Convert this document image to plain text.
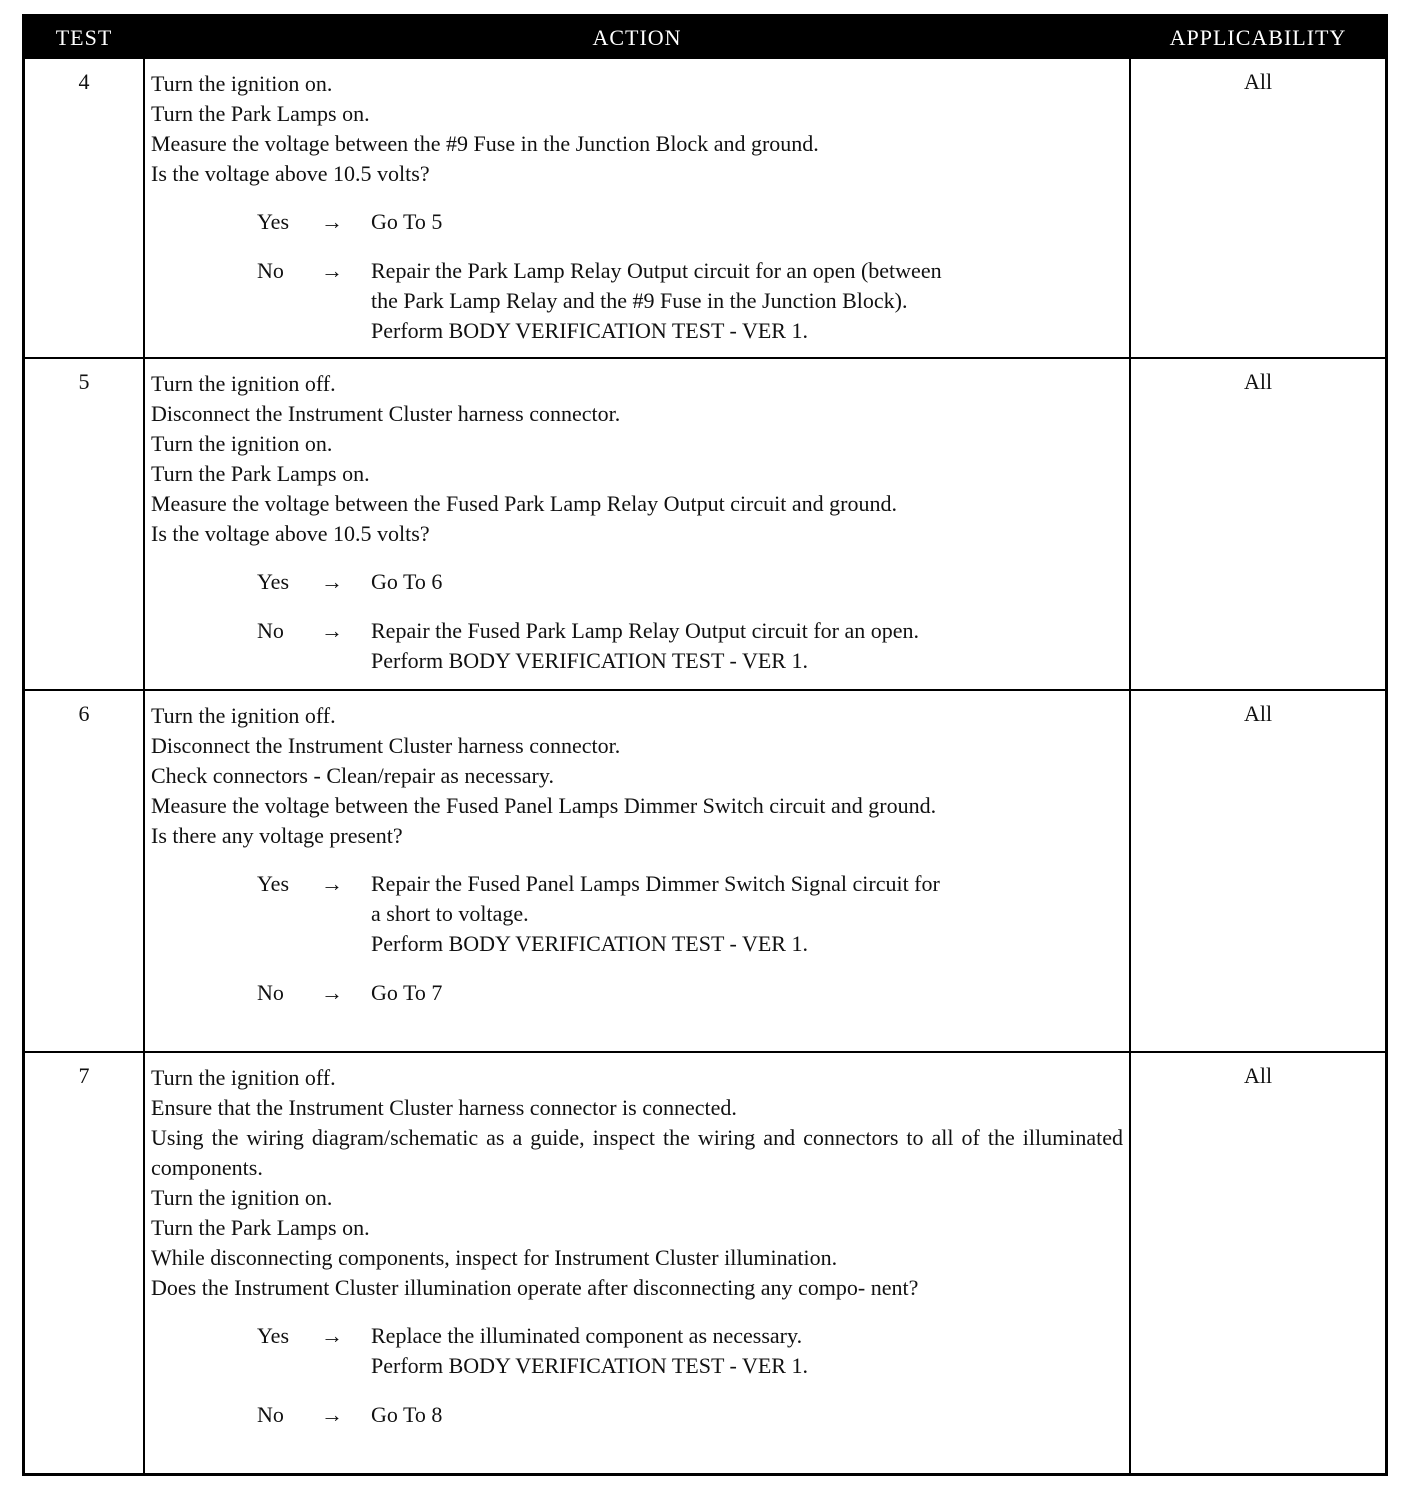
TEST	ACTION	APPLICABILITY
4	Turn the ignition on.
Turn the Park Lamps on.
Measure the voltage between the #9 Fuse in the Junction Block and ground.
Is the voltage above 10.5 volts?
Yes → Go To 5
No → Repair the Park Lamp Relay Output circuit for an open (between
the Park Lamp Relay and the #9 Fuse in the Junction Block).
Perform BODY VERIFICATION TEST - VER 1.
All
5	Turn the ignition off.
Disconnect the Instrument Cluster harness connector.
Turn the ignition on.
Turn the Park Lamps on.
Measure the voltage between the Fused Park Lamp Relay Output circuit and ground.
Is the voltage above 10.5 volts?
Yes → Go To 6
No → Repair the Fused Park Lamp Relay Output circuit for an open.
Perform BODY VERIFICATION TEST - VER 1.
All
6	Turn the ignition off.
Disconnect the Instrument Cluster harness connector.
Check connectors - Clean/repair as necessary.
Measure the voltage between the Fused Panel Lamps Dimmer Switch circuit and ground.
Is there any voltage present?
Yes → Repair the Fused Panel Lamps Dimmer Switch Signal circuit for
a short to voltage.
Perform BODY VERIFICATION TEST - VER 1.
No → Go To 7
All
7	Turn the ignition off.
Ensure that the Instrument Cluster harness connector is connected.
Using the wiring diagram/schematic as a guide, inspect the wiring and connectors to all of the illuminated components.
Turn the ignition on.
Turn the Park Lamps on.
While disconnecting components, inspect for Instrument Cluster illumination.
Does the Instrument Cluster illumination operate after disconnecting any compo- nent?
Yes → Replace the illuminated component as necessary.
Perform BODY VERIFICATION TEST - VER 1.
No → Go To 8
All
